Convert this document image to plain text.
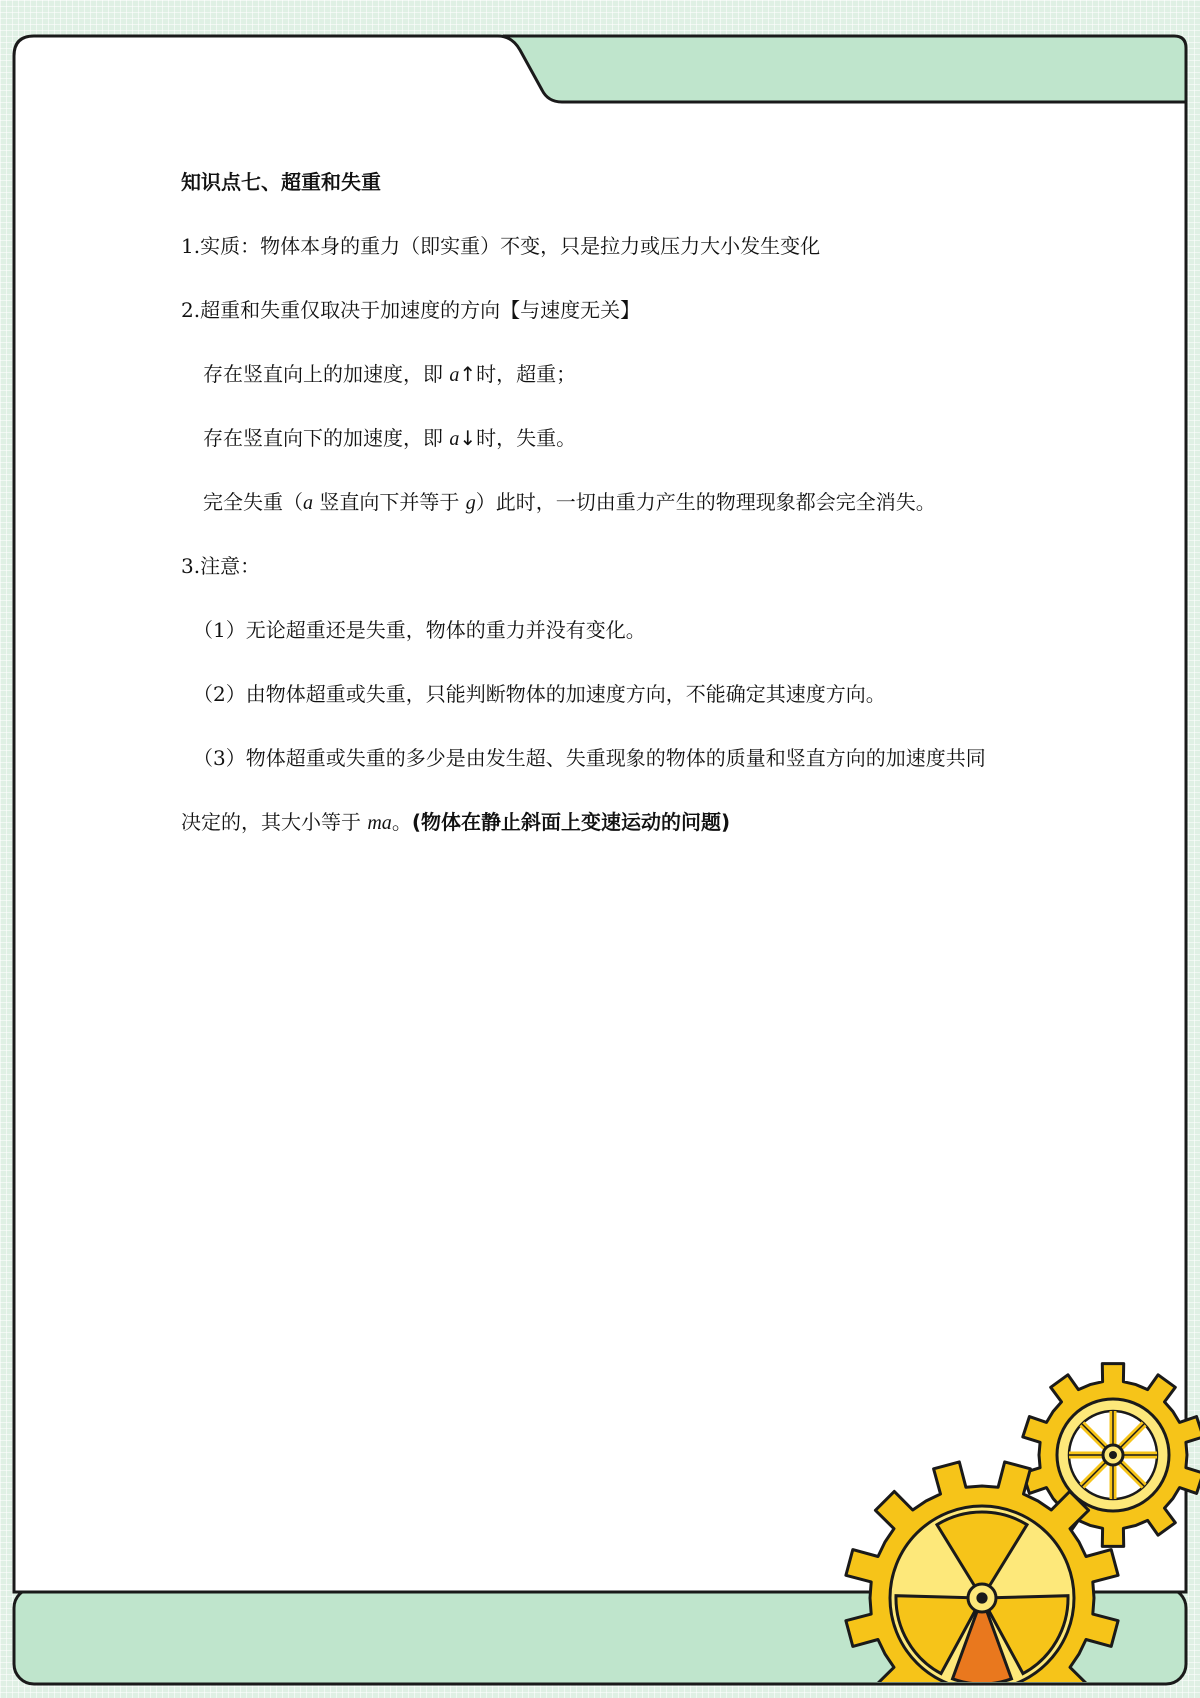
知识点七、超重和失重
1.实质：物体本身的重力（即实重）不变，只是拉力或压力大小发生变化
2.超重和失重仅取决于加速度的方向【与速度无关】
存在竖直向上的加速度，即 a↑时，超重；
存在竖直向下的加速度，即 a↓时，失重。
完全失重（a 竖直向下并等于 g）此时，一切由重力产生的物理现象都会完全消失。
3.注意：
（1）无论超重还是失重，物体的重力并没有变化。
（2）由物体超重或失重，只能判断物体的加速度方向，不能确定其速度方向。
（3）物体超重或失重的多少是由发生超、失重现象的物体的质量和竖直方向的加速度共同
决定的，其大小等于 ma。(物体在静止斜面上变速运动的问题)
